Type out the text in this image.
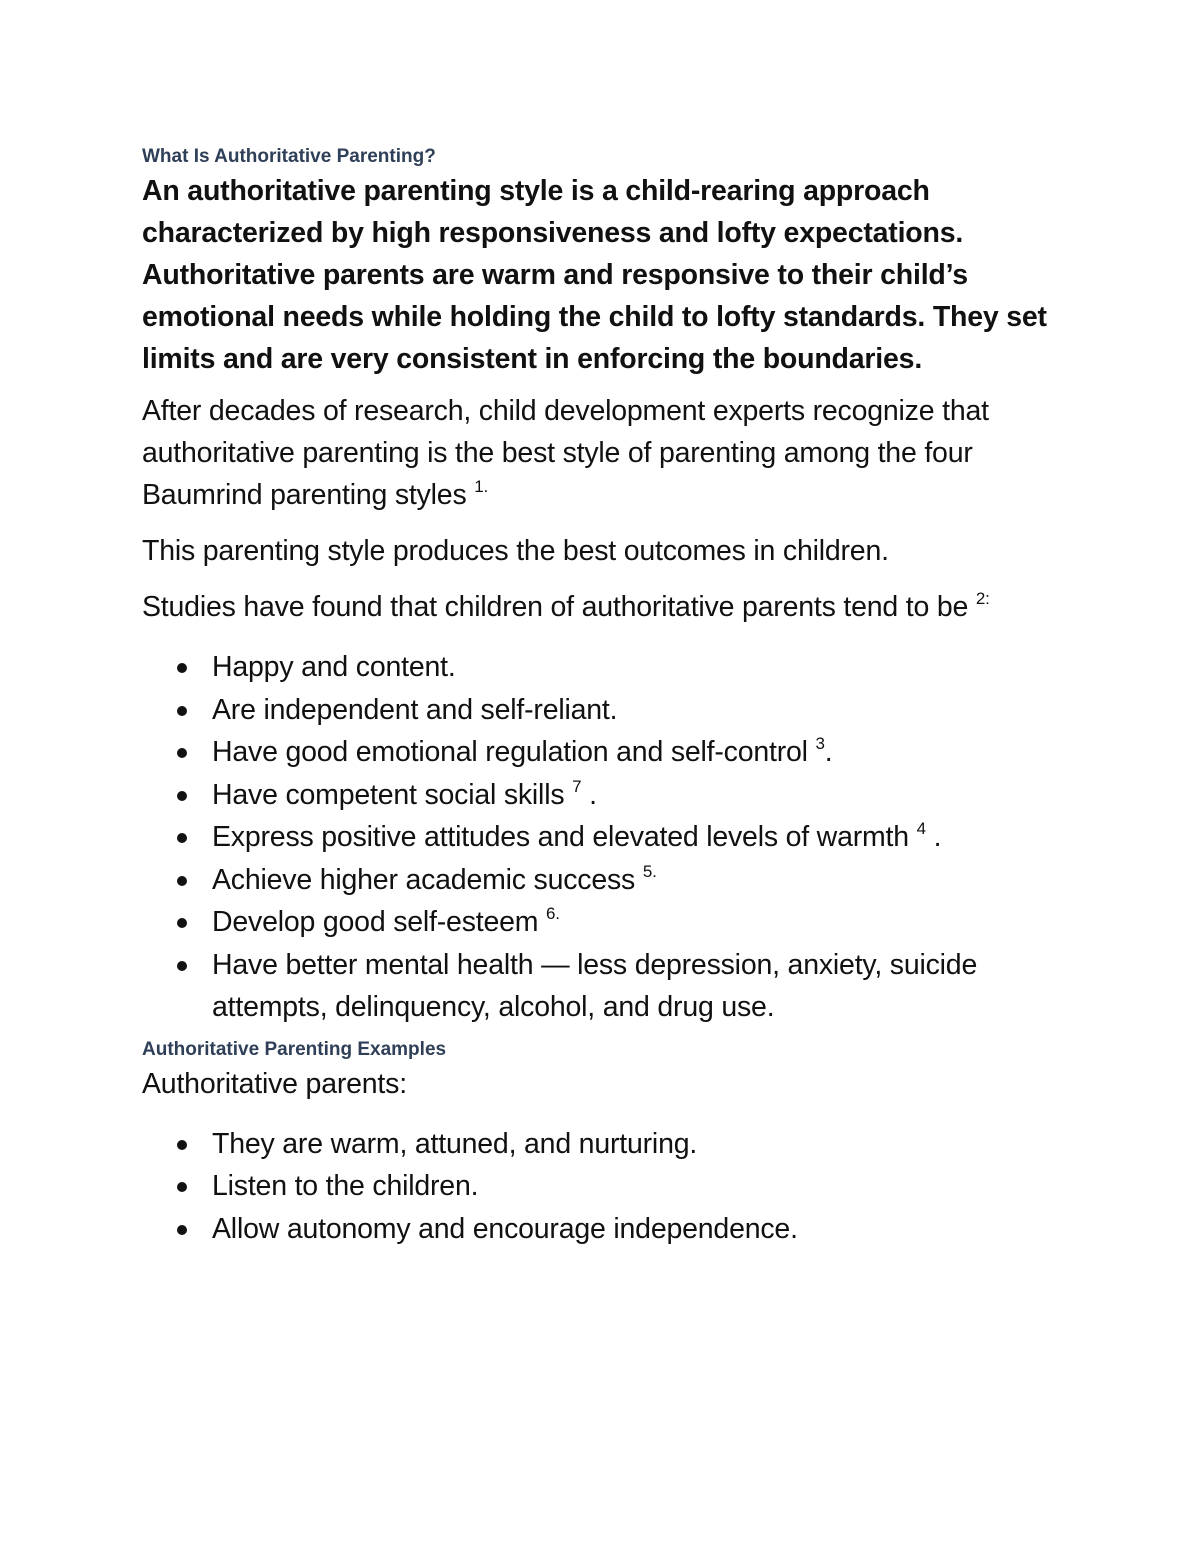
What Is Authoritative Parenting?

An authoritative parenting style is a child-rearing approach characterized by high responsiveness and lofty expectations. Authoritative parents are warm and responsive to their child’s emotional needs while holding the child to lofty standards. They set limits and are very consistent in enforcing the boundaries.

After decades of research, child development experts recognize that authoritative parenting is the best style of parenting among the four Baumrind parenting styles $^{1.}$

This parenting style produces the best outcomes in children.

Studies have found that children of authoritative parents tend to be $^{2:}$

Happy and content.
Are independent and self-reliant.
Have good emotional regulation and self-control $^3$.
Have competent social skills $^7$ .
Express positive attitudes and elevated levels of warmth $^4$ .
Achieve higher academic success $^{5.}$
Develop good self-esteem $^{6.}$
Have better mental health — less depression, anxiety, suicide attempts, delinquency, alcohol, and drug use.
Authoritative Parenting Examples

Authoritative parents:

They are warm, attuned, and nurturing.
Listen to the children.
Allow autonomy and encourage independence.
